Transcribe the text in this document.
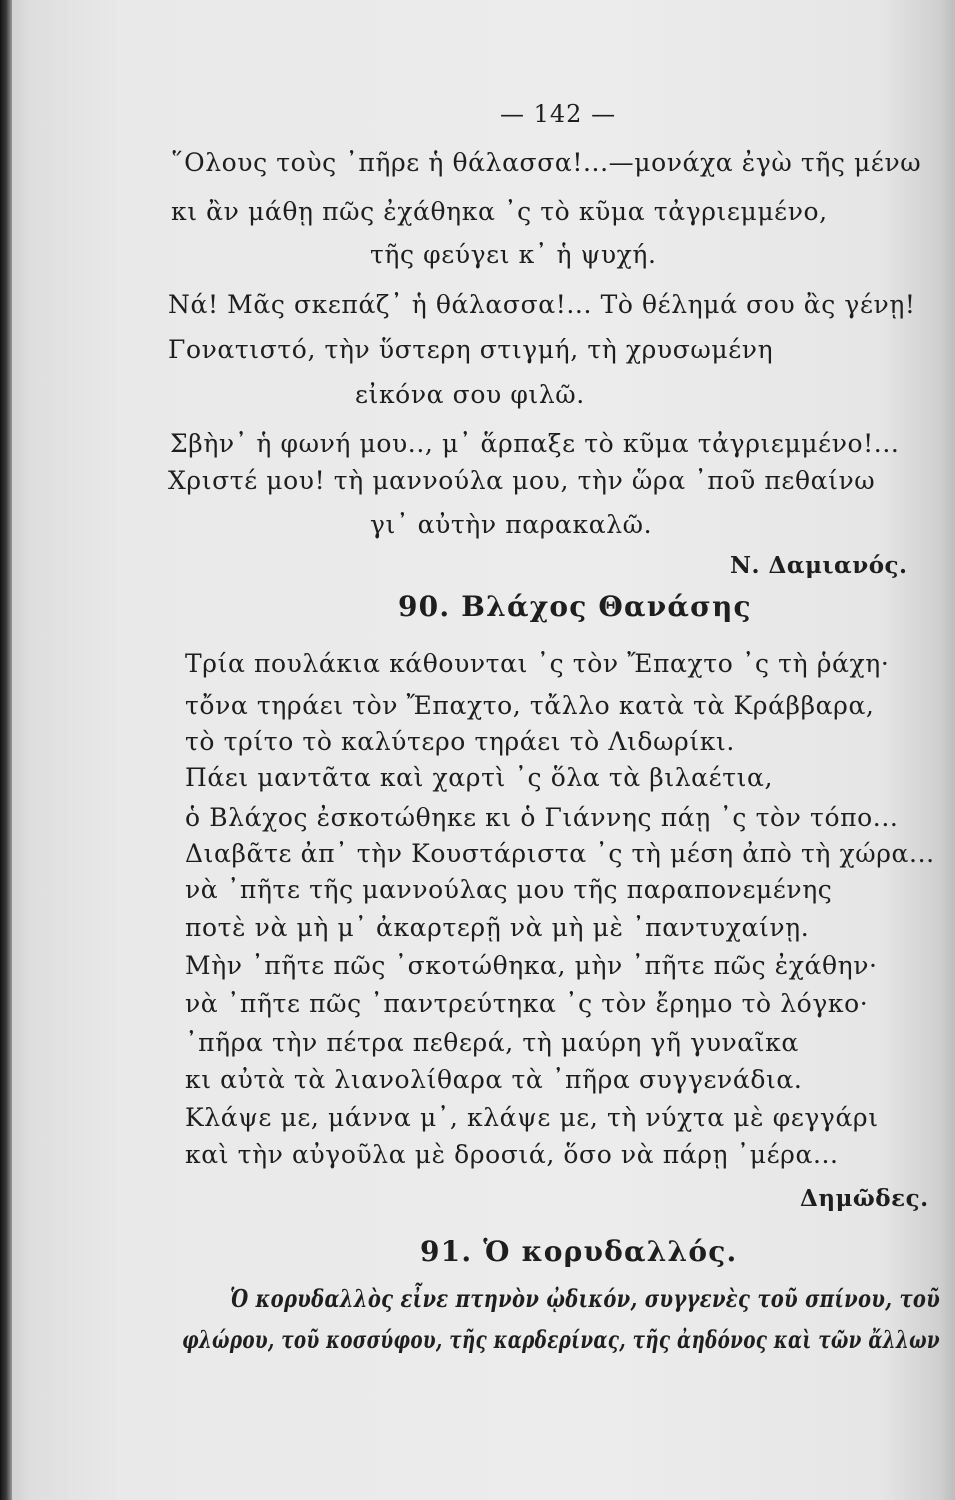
— 142 —
῞Ολους τοὺς ᾿πῆρε ἡ θάλασσα!...—μονάχα ἐγὼ τῆς μένω
κι ἂν μάθῃ πῶς ἐχάθηκα ᾿ς τὸ κῦμα τἀγριεμμένο,
τῆς φεύγει κ᾿ ἡ ψυχή.
Νά! Μᾶς σκεπάζ᾿ ἡ θάλασσα!... Τὸ θέλημά σου ἂς γένῃ!
Γονατιστό, τὴν ὕστερη στιγμή, τὴ χρυσωμένη
εἰκόνα σου φιλῶ.
Σβὴν᾿ ἡ φωνή μου.., μ᾿ ἅρπαξε τὸ κῦμα τἀγριεμμένο!...
Χριστέ μου! τὴ μαννούλα μου, τὴν ὥρα ᾿ποῦ πεθαίνω
γι᾿ αὐτὴν παρακαλῶ.
Ν. Δαμιανός.
90. Βλάχος Θανάσης
Τρία πουλάκια κάθουνται ᾿ς τὸν Ἔπαχτο ᾿ς τὴ ῥάχη·
τὄνα τηράει τὸν Ἔπαχτο, τἄλλο κατὰ τὰ Κράββαρα,
τὸ τρίτο τὸ καλύτερο τηράει τὸ Λιδωρίκι.
Πάει μαντᾶτα καὶ χαρτὶ ᾿ς ὅλα τὰ βιλαέτια,
ὁ Βλάχος ἐσκοτώθηκε κι ὁ Γιάννης πάῃ ᾿ς τὸν τόπο...
Διαβᾶτε ἀπ᾿ τὴν Κουστάριστα ᾿ς τὴ μέση ἀπὸ τὴ χώρα...
νὰ ᾿πῆτε τῆς μαννούλας μου τῆς παραπονεμένης
ποτὲ νὰ μὴ μ᾿ ἀκαρτερῇ νὰ μὴ μὲ ᾿παντυχαίνῃ.
Μὴν ᾿πῆτε πῶς ᾿σκοτώθηκα, μὴν ᾿πῆτε πῶς ἐχάθην·
νὰ ᾿πῆτε πῶς ᾿παντρεύτηκα ᾿ς τὸν ἔρημο τὸ λόγκο·
᾿πῆρα τὴν πέτρα πεθερά, τὴ μαύρη γῆ γυναῖκα
κι αὐτὰ τὰ λιανολίθαρα τὰ ᾿πῆρα συγγενάδια.
Κλάψε με, μάννα μ᾿, κλάψε με, τὴ νύχτα μὲ φεγγάρι
καὶ τὴν αὐγοῦλα μὲ δροσιά, ὅσο νὰ πάρῃ ᾿μέρα...
Δημῶδες.
91. Ὁ κορυδαλλός.
Ὁ κορυδαλλὸς εἶνε πτηνὸν ᾠδικόν, συγγενὲς τοῦ σπίνου, τοῦ
φλώρου, τοῦ κοσσύφου, τῆς καρδερίνας, τῆς ἀηδόνος καὶ τῶν ἄλλων
